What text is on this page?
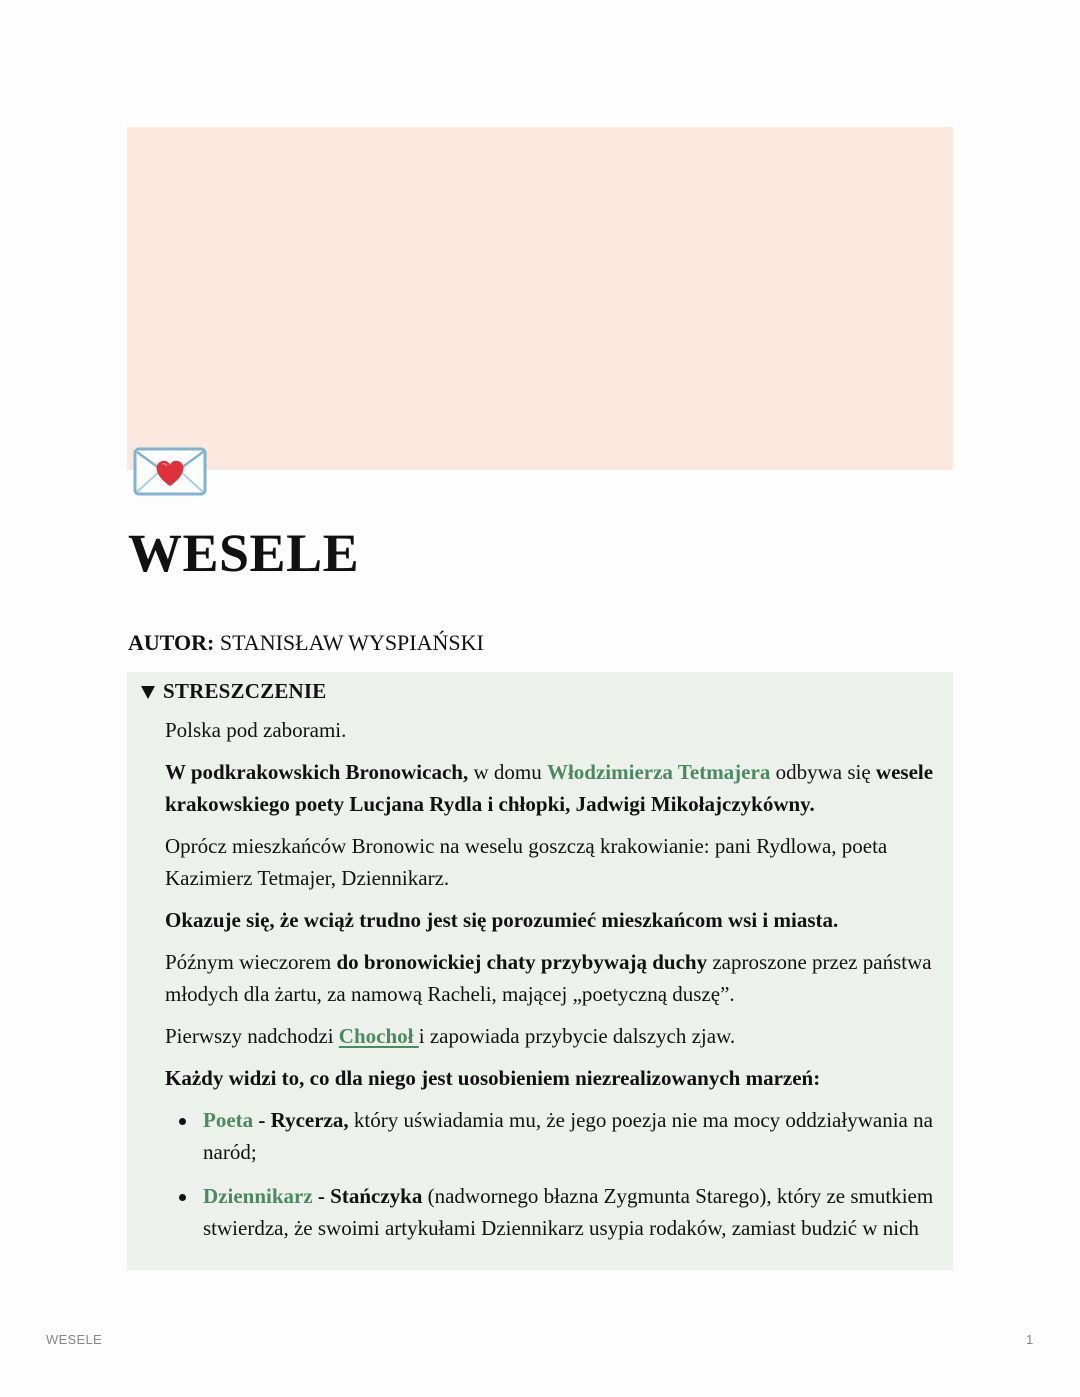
WESELE
AUTOR: STANISŁAW WYSPIAŃSKI
STRESZCZENIE

Polska pod zaborami.

W podkrakowskich Bronowicach, w domu Włodzimierza Tetmajera odbywa się wesele krakowskiego poety Lucjana Rydla i chłopki, Jadwigi Mikołajczykówny.

Oprócz mieszkańców Bronowic na weselu goszczą krakowianie: pani Rydlowa, poeta Kazimierz Tetmajer, Dziennikarz.

Okazuje się, że wciąż trudno jest się porozumieć mieszkańcom wsi i miasta.

Późnym wieczorem do bronowickiej chaty przybywają duchy zaproszone przez państwa młodych dla żartu, za namową Racheli, mającej „poetyczną duszę”.

Pierwszy nadchodzi Chochoł i zapowiada przybycie dalszych zjaw.

Każdy widzi to, co dla niego jest uosobieniem niezrealizowanych marzeń:

Poeta - Rycerza, który uświadamia mu, że jego poezja nie ma mocy oddziaływania na naród;
Dziennikarz - Stańczyka (nadwornego błazna Zygmunta Starego), który ze smutkiem stwierdza, że swoimi artykułami Dziennikarz usypia rodaków, zamiast budzić w nich
WESELE	1
